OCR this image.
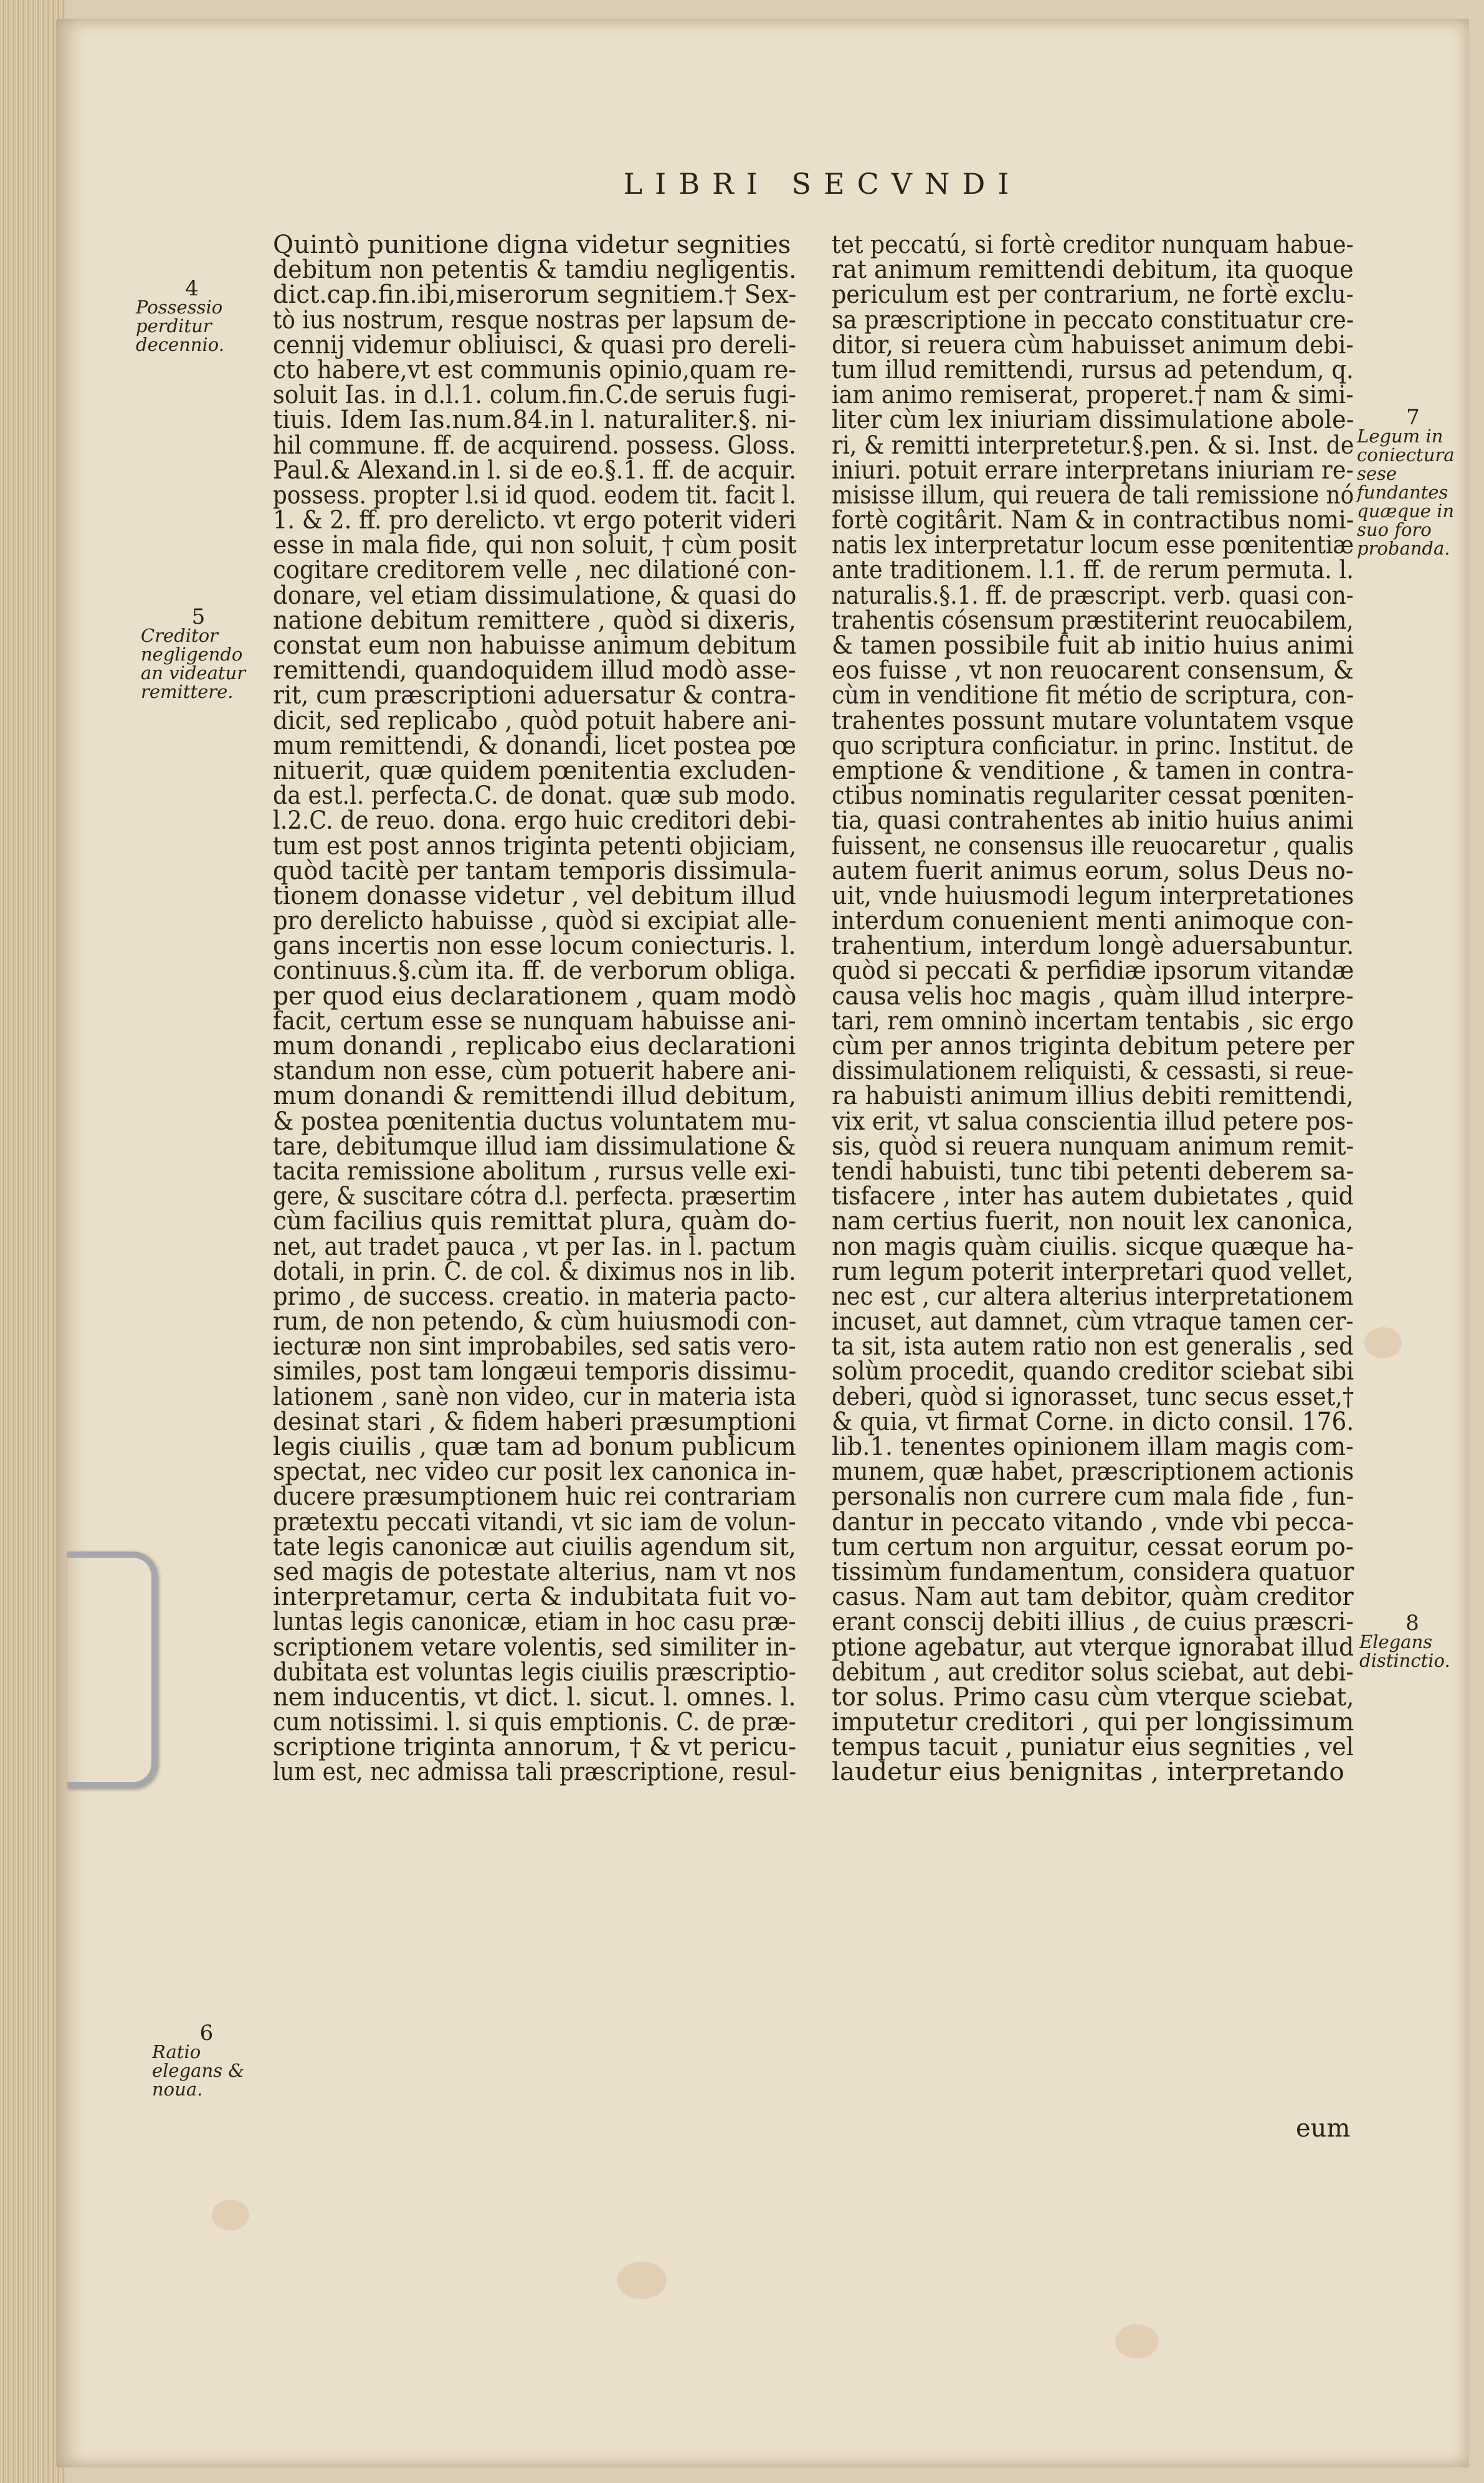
LIBRI SECVNDI
4
Possessio perditur decennio.
5
Creditor negligendo an videatur remittere.
6
Ratio elegans & noua.
7
Legum in coniectura sese fundantes quæque in suo foro probanda.
8
Elegans distinctio.
Quintò punitione digna videtur segnities
debitum non petentis & tamdiu negligentis.
dict.cap.fin.ibi,miserorum segnitiem.† Sex-
tò ius nostrum, resque nostras per lapsum de-
cennij videmur obliuisci, & quasi pro dereli-
cto habere,vt est communis opinio,quam re-
soluit Ias. in d.l.1. colum.fin.C.de seruis fugi-
tiuis. Idem Ias.num.84.in l. naturaliter.§. ni-
hil commune. ff. de acquirend. possess. Gloss.
Paul.& Alexand.in l. si de eo.§.1. ff. de acquir.
possess. propter l.si id quod. eodem tit. facit l.
1. & 2. ff. pro derelicto. vt ergo poterit videri
esse in mala fide, qui non soluit, † cùm posit
cogitare creditorem velle , nec dilationé con-
donare, vel etiam dissimulatione, & quasi do
natione debitum remittere , quòd si dixeris,
constat eum non habuisse animum debitum
remittendi, quandoquidem illud modò asse-
rit, cum præscriptioni aduersatur & contra-
dicit, sed replicabo , quòd potuit habere ani-
mum remittendi, & donandi, licet postea pœ
nituerit, quæ quidem pœnitentia excluden-
da est.l. perfecta.C. de donat. quæ sub modo.
l.2.C. de reuo. dona. ergo huic creditori debi-
tum est post annos triginta petenti objiciam,
quòd tacitè per tantam temporis dissimula-
tionem donasse videtur , vel debitum illud
pro derelicto habuisse , quòd si excipiat alle-
gans incertis non esse locum coniecturis. l.
continuus.§.cùm ita. ff. de verborum obliga.
per quod eius declarationem , quam modò
facit, certum esse se nunquam habuisse ani-
mum donandi , replicabo eius declarationi
standum non esse, cùm potuerit habere ani-
mum donandi & remittendi illud debitum,
& postea pœnitentia ductus voluntatem mu-
tare, debitumque illud iam dissimulatione &
tacita remissione abolitum , rursus velle exi-
gere, & suscitare cótra d.l. perfecta. præsertim
cùm facilius quis remittat plura, quàm do-
net, aut tradet pauca , vt per Ias. in l. pactum
dotali, in prin. C. de col. & diximus nos in lib.
primo , de success. creatio. in materia pacto-
rum, de non petendo, & cùm huiusmodi con-
iecturæ non sint improbabiles, sed satis vero-
similes, post tam longæui temporis dissimu-
lationem , sanè non video, cur in materia ista
desinat stari , & fidem haberi præsumptioni
legis ciuilis , quæ tam ad bonum publicum
spectat, nec video cur posit lex canonica in-
ducere præsumptionem huic rei contrariam
prætextu peccati vitandi, vt sic iam de volun-
tate legis canonicæ aut ciuilis agendum sit,
sed magis de potestate alterius, nam vt nos
interpretamur, certa & indubitata fuit vo-
luntas legis canonicæ, etiam in hoc casu præ-
scriptionem vetare volentis, sed similiter in-
dubitata est voluntas legis ciuilis præscriptio-
nem inducentis, vt dict. l. sicut. l. omnes. l.
cum notissimi. l. si quis emptionis. C. de præ-
scriptione triginta annorum, † & vt pericu-
lum est, nec admissa tali præscriptione, resul-
tet peccatú, si fortè creditor nunquam habue-
rat animum remittendi debitum, ita quoque
periculum est per contrarium, ne fortè exclu-
sa præscriptione in peccato constituatur cre-
ditor, si reuera cùm habuisset animum debi-
tum illud remittendi, rursus ad petendum, q.
iam animo remiserat, properet.† nam & simi-
liter cùm lex iniuriam dissimulatione abole-
ri, & remitti interpretetur.§.pen. & si. Inst. de
iniuri. potuit errare interpretans iniuriam re-
misisse illum, qui reuera de tali remissione nó
fortè cogitârit. Nam & in contractibus nomi-
natis lex interpretatur locum esse pœnitentiæ
ante traditionem. l.1. ff. de rerum permuta. l.
naturalis.§.1. ff. de præscript. verb. quasi con-
trahentis cósensum præstiterint reuocabilem,
& tamen possibile fuit ab initio huius animi
eos fuisse , vt non reuocarent consensum, &
cùm in venditione fit métio de scriptura, con-
trahentes possunt mutare voluntatem vsque
quo scriptura conficiatur. in princ. Institut. de
emptione & venditione , & tamen in contra-
ctibus nominatis regulariter cessat pœniten-
tia, quasi contrahentes ab initio huius animi
fuissent, ne consensus ille reuocaretur , qualis
autem fuerit animus eorum, solus Deus no-
uit, vnde huiusmodi legum interpretationes
interdum conuenient menti animoque con-
trahentium, interdum longè aduersabuntur.
quòd si peccati & perfidiæ ipsorum vitandæ
causa velis hoc magis , quàm illud interpre-
tari, rem omninò incertam tentabis , sic ergo
cùm per annos triginta debitum petere per
dissimulationem reliquisti, & cessasti, si reue-
ra habuisti animum illius debiti remittendi,
vix erit, vt salua conscientia illud petere pos-
sis, quòd si reuera nunquam animum remit-
tendi habuisti, tunc tibi petenti deberem sa-
tisfacere , inter has autem dubietates , quid
nam certius fuerit, non nouit lex canonica,
non magis quàm ciuilis. sicque quæque ha-
rum legum poterit interpretari quod vellet,
nec est , cur altera alterius interpretationem
incuset, aut damnet, cùm vtraque tamen cer-
ta sit, ista autem ratio non est generalis , sed
solùm procedit, quando creditor sciebat sibi
deberi, quòd si ignorasset, tunc secus esset,†
& quia, vt firmat Corne. in dicto consil. 176.
lib.1. tenentes opinionem illam magis com-
munem, quæ habet, præscriptionem actionis
personalis non currere cum mala fide , fun-
dantur in peccato vitando , vnde vbi pecca-
tum certum non arguitur, cessat eorum po-
tissimùm fundamentum, considera quatuor
casus. Nam aut tam debitor, quàm creditor
erant conscij debiti illius , de cuius præscri-
ptione agebatur, aut vterque ignorabat illud
debitum , aut creditor solus sciebat, aut debi-
tor solus. Primo casu cùm vterque sciebat,
imputetur creditori , qui per longissimum
tempus tacuit , puniatur eius segnities , vel
laudetur eius benignitas , interpretando
eum
